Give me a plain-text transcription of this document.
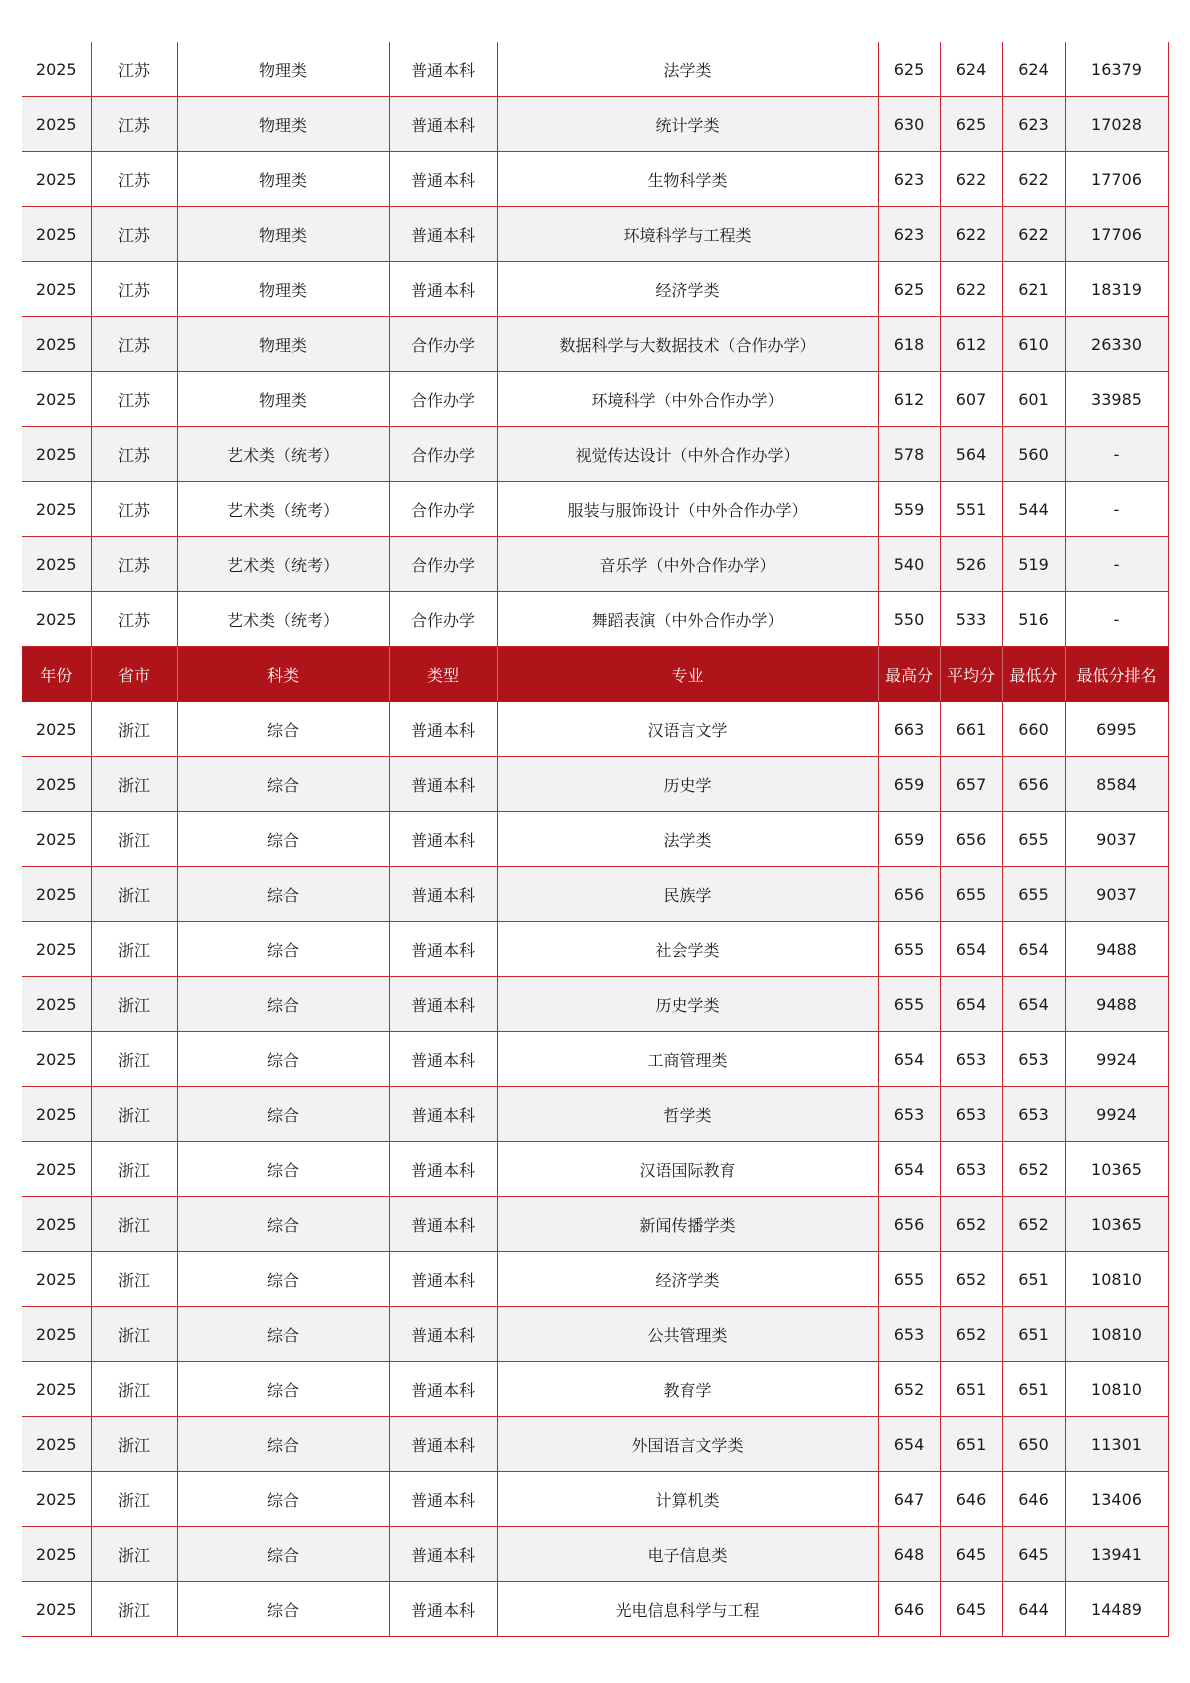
2025	江苏	物理类	普通本科	法学类	625	624	624	16379
2025	江苏	物理类	普通本科	统计学类	630	625	623	17028
2025	江苏	物理类	普通本科	生物科学类	623	622	622	17706
2025	江苏	物理类	普通本科	环境科学与工程类	623	622	622	17706
2025	江苏	物理类	普通本科	经济学类	625	622	621	18319
2025	江苏	物理类	合作办学	数据科学与大数据技术（合作办学）	618	612	610	26330
2025	江苏	物理类	合作办学	环境科学（中外合作办学）	612	607	601	33985
2025	江苏	艺术类（统考）	合作办学	视觉传达设计（中外合作办学）	578	564	560	-
2025	江苏	艺术类（统考）	合作办学	服装与服饰设计（中外合作办学）	559	551	544	-
2025	江苏	艺术类（统考）	合作办学	音乐学（中外合作办学）	540	526	519	-
2025	江苏	艺术类（统考）	合作办学	舞蹈表演（中外合作办学）	550	533	516	-
年份	省市	科类	类型	专业	最高分	平均分	最低分	最低分排名
2025	浙江	综合	普通本科	汉语言文学	663	661	660	6995
2025	浙江	综合	普通本科	历史学	659	657	656	8584
2025	浙江	综合	普通本科	法学类	659	656	655	9037
2025	浙江	综合	普通本科	民族学	656	655	655	9037
2025	浙江	综合	普通本科	社会学类	655	654	654	9488
2025	浙江	综合	普通本科	历史学类	655	654	654	9488
2025	浙江	综合	普通本科	工商管理类	654	653	653	9924
2025	浙江	综合	普通本科	哲学类	653	653	653	9924
2025	浙江	综合	普通本科	汉语国际教育	654	653	652	10365
2025	浙江	综合	普通本科	新闻传播学类	656	652	652	10365
2025	浙江	综合	普通本科	经济学类	655	652	651	10810
2025	浙江	综合	普通本科	公共管理类	653	652	651	10810
2025	浙江	综合	普通本科	教育学	652	651	651	10810
2025	浙江	综合	普通本科	外国语言文学类	654	651	650	11301
2025	浙江	综合	普通本科	计算机类	647	646	646	13406
2025	浙江	综合	普通本科	电子信息类	648	645	645	13941
2025	浙江	综合	普通本科	光电信息科学与工程	646	645	644	14489
